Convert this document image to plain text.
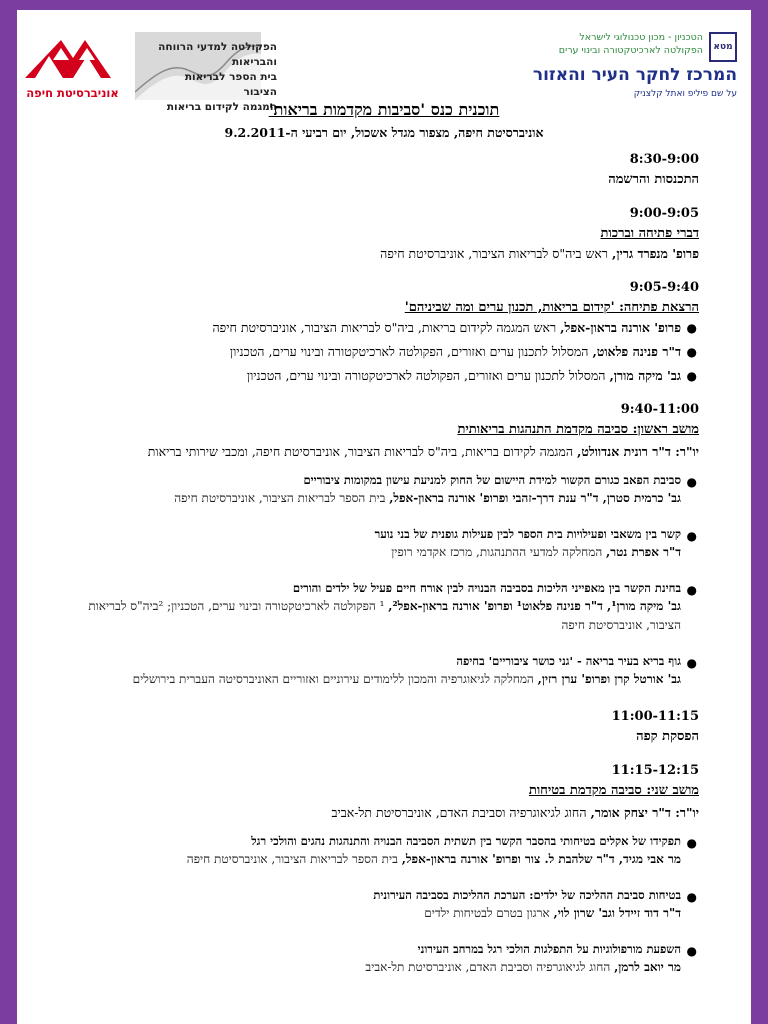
אוניברסיטת חיפה
הפקולטה למדעי הרווחה והבריאות
בית הספר לבריאות הציבור
המגמה לקידום בריאות
מטא
הטכניון - מכון טכנולוגי לישראל
הפקולטה לארכיטקטורה ובינוי ערים
המרכז לחקר העיר והאזור
על שם פיליפ ואתל קלצניק
תוכנית כנס 'סביבות מקדמות בריאות'
אוניברסיטת חיפה, מצפור מגדל אשכול, יום רביעי ה-9.2.2011
8:30-9:00
התכנסות והרשמה
9:00-9:05
דברי פתיחה וברכות
פרופ' מנפרד גרין, ראש ביה"ס לבריאות הציבור, אוניברסיטת חיפה
9:05-9:40
הרצאת פתיחה: 'קידום בריאות, תכנון ערים ומה שביניהם'
●
פרופ' אורנה בראון-אפל, ראש המגמה לקידום בריאות, ביה"ס לבריאות הציבור, אוניברסיטת חיפה
●
ד"ר פנינה פלאוט, המסלול לתכנון ערים ואזורים, הפקולטה לארכיטקטורה ובינוי ערים, הטכניון
●
גב' מיקה מורן, המסלול לתכנון ערים ואזורים, הפקולטה לארכיטקטורה ובינוי ערים, הטכניון
9:40-11:00
מושב ראשון: סביבה מקדמת התנהגות בריאותית
יו"ר: ד"ר רונית אנדוולט, המגמה לקידום בריאות, ביה"ס לבריאות הציבור, אוניברסיטת חיפה, ומכבי שירותי בריאות
●
סביבת הפאב כגורם הקשור למידת היישום של החוק למניעת עישון במקומות ציבוריים
גב' כרמית סטרן, ד"ר ענת דרך-זהבי ופרופ' אורנה בראון-אפל, בית הספר לבריאות הציבור, אוניברסיטת חיפה
●
קשר בין משאבי ופעילויות בית הספר לבין פעילות גופנית של בני נוער
ד"ר אפרת נטר, המחלקה למדעי ההתנהגות, מרכז אקדמי רופין
●
בחינת הקשר בין מאפייני הליכות בסביבה הבנויה לבין אורח חיים פעיל של ילדים והורים
גב' מיקה מורן¹, ד"ר פנינה פלאוט¹ ופרופ' אורנה בראון-אפל², ¹ הפקולטה לארכיטקטורה ובינוי ערים, הטכניון; ²ביה"ס לבריאות הציבור, אוניברסיטת חיפה
●
גוף בריא בעיר בריאה - 'גני כושר ציבוריים' בחיפה
גב' אורטל קרן ופרופ' ערן רזין, המחלקה לגיאוגרפיה והמכון ללימודים עירוניים ואזוריים האוניברסיטה העברית בירושלים
11:00-11:15
הפסקת קפה
11:15-12:15
מושב שני: סביבה מקדמת בטיחות
יו"ר: ד"ר יצחק אומר, החוג לגיאוגרפיה וסביבת האדם, אוניברסיטת תל-אביב
●
תפקידו של אקלים בטיחותי בהסבר הקשר בין תשתית הסביבה הבנויה והתנהגות נהגים והולכי רגל
מר אבי מגיד, ד"ר שלהבת ל. צור ופרופ' אורנה בראון-אפל, בית הספר לבריאות הציבור, אוניברסיטת חיפה
●
בטיחות סביבת ההליכה של ילדים: הערכת ההליכות בסביבה העירונית
ד"ר דוד זיידל וגב' שרון לוי, ארגון בטרם לבטיחות ילדים
●
השפעת מורפולוגיות על התפלגות הולכי רגל במרחב העירוני
מר יואב לרמן, החוג לגיאוגרפיה וסביבת האדם, אוניברסיטת תל-אביב
